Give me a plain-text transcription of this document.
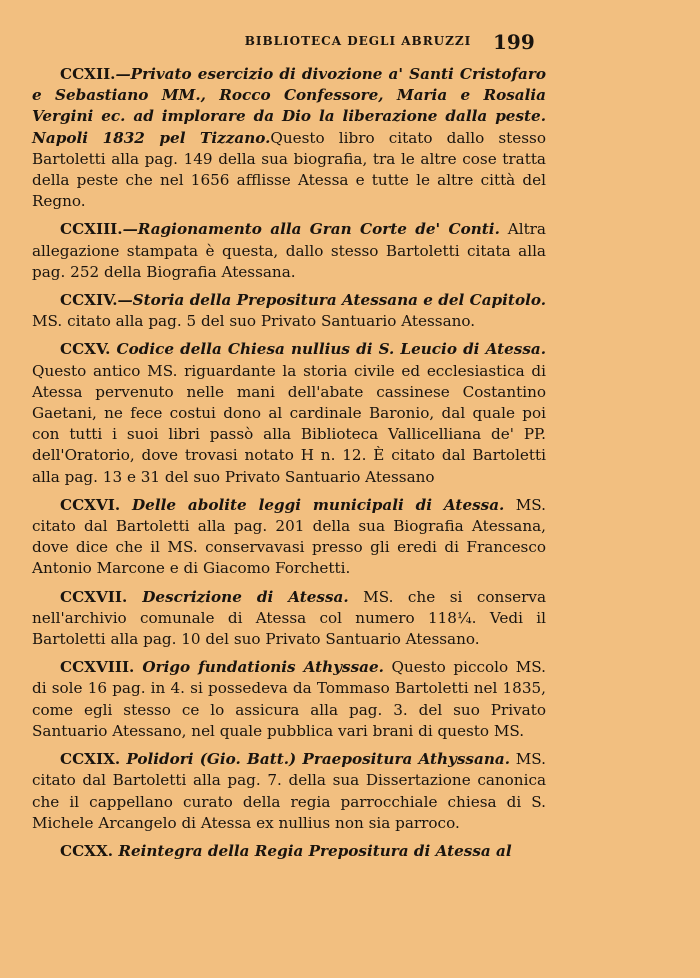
BIBLIOTECA DEGLI ABRUZZI	199

CCXII.—Privato esercizio di divozione a' Santi Cristofaro e Sebastiano MM., Rocco Confessore, Maria e Rosalia Vergini ec. ad implorare da Dio la liberazione dalla peste. Napoli 1832 pel Tizzano.Questo libro citato dallo stesso Bartoletti alla pag. 149 della sua biografia, tra le altre cose tratta della peste che nel 1656 afflisse Atessa e tutte le altre città del Regno.

CCXIII.—Ragionamento alla Gran Corte de' Conti. Altra allegazione stampata è questa, dallo stesso Bartoletti citata alla pag. 252 della Biografia Atessana.

CCXIV.—Storia della Prepositura Atessana e del Capitolo. MS. citato alla pag. 5 del suo Privato Santuario Atessano.

CCXV. Codice della Chiesa nullius di S. Leucio di Atessa. Questo antico MS. riguardante la storia civile ed ecclesiastica di Atessa pervenuto nelle mani dell'abate cassinese Costantino Gaetani, ne fece costui dono al cardinale Baronio, dal quale poi con tutti i suoi libri passò alla Biblioteca Vallicelliana de' PP. dell'Oratorio, dove trovasi notato H n. 12. È citato dal Bartoletti alla pag. 13 e 31 del suo Privato Santuario Atessano

CCXVI. Delle abolite leggi municipali di Atessa. MS. citato dal Bartoletti alla pag. 201 della sua Biografia Atessana, dove dice che il MS. conservavasi presso gli eredi di Francesco Antonio Marcone e di Giacomo Forchetti.

CCXVII. Descrizione di Atessa. MS. che si conserva nell'archivio comunale di Atessa col numero 118¼. Vedi il Bartoletti alla pag. 10 del suo Privato Santuario Atessano.

CCXVIII. Origo fundationis Athyssae. Questo piccolo MS. di sole 16 pag. in 4. si possedeva da Tommaso Bartoletti nel 1835, come egli stesso ce lo assicura alla pag. 3. del suo Privato Santuario Atessano, nel quale pubblica vari brani di questo MS.

CCXIX. Polidori (Gio. Batt.) Praepositura Athyssana. MS. citato dal Bartoletti alla pag. 7. della sua Dissertazione canonica che il cappellano curato della regia parrocchiale chiesa di S. Michele Arcangelo di Atessa ex nullius non sia parroco.

CCXX. Reintegra della Regia Prepositura di Atessa al
